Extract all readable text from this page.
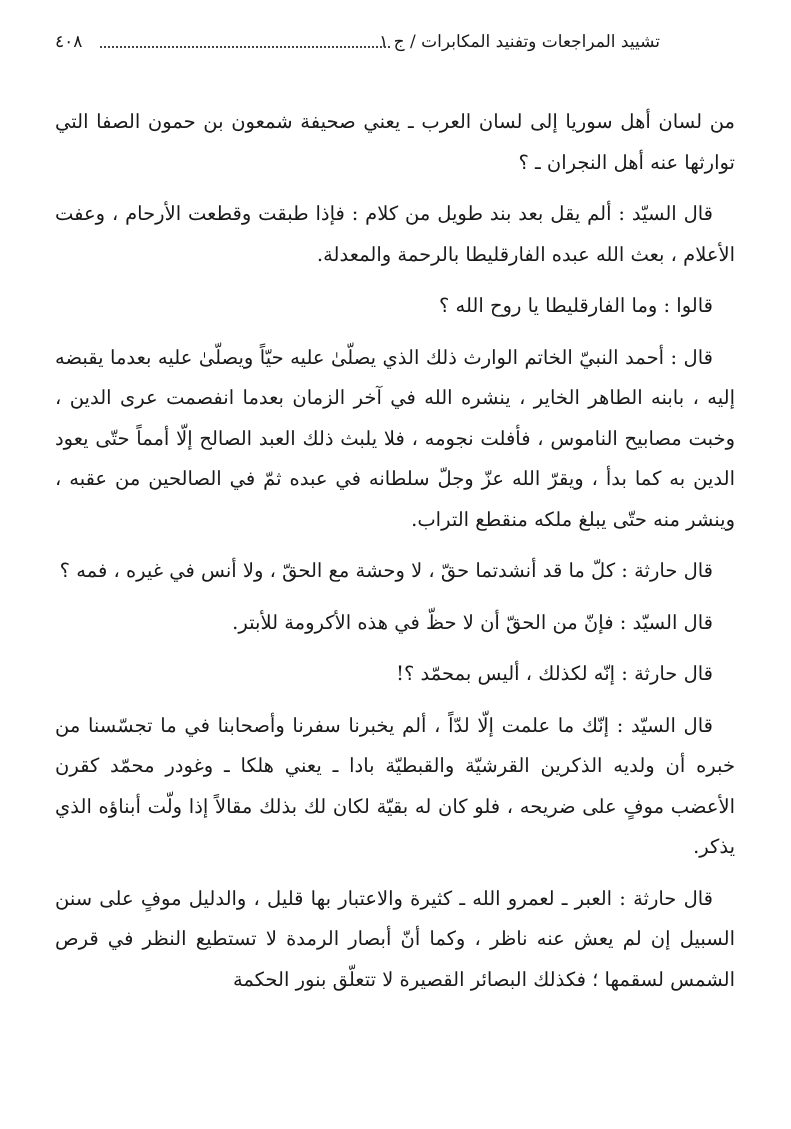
تشييد المراجعات وتفنيد المكابرات / ج ١
٤٠٨

من لسان أهل سوريا إلى لسان العرب ـ يعني صحيفة شمعون بن حمون الصفا التي توارثها عنه أهل النجران ـ ؟

قال السيّد : ألم يقل بعد بند طويل من كلام : فإذا طبقت وقطعت الأرحام ، وعفت الأعلام ، بعث الله عبده الفارقليطا بالرحمة والمعدلة.

قالوا : وما الفارقليطا يا روح الله ؟

قال : أحمد النبيّ الخاتم الوارث ذلك الذي يصلّىٰ عليه حيّاً ويصلّىٰ عليه بعدما يقبضه إليه ، بابنه الطاهر الخاير ، ينشره الله في آخر الزمان بعدما انفصمت عرى الدين ، وخبت مصابيح الناموس ، فأفلت نجومه ، فلا يلبث ذلك العبد الصالح إلّا أمماً حتّى يعود الدين به كما بدأ ، ويقرّ الله عزّ وجلّ سلطانه في عبده ثمّ في الصالحين من عقبه ، وينشر منه حتّى يبلغ ملكه منقطع التراب.

قال حارثة : كلّ ما قد أنشدتما حقّ ، لا وحشة مع الحقّ ، ولا أنس في غيره ، فمه ؟

قال السيّد : فإنّ من الحقّ أن لا حظّ في هذه الأكرومة للأبتر.

قال حارثة : إنّه لكذلك ، أليس بمحمّد ؟!

قال السيّد : إنّك ما علمت إلّا لدّاً ، ألم يخبرنا سفرنا وأصحابنا في ما تجسّسنا من خبره أن ولديه الذكرين القرشيّة والقبطيّة بادا ـ يعني هلكا ـ وغودر محمّد كقرن الأعضب موفٍ على ضريحه ، فلو كان له بقيّة لكان لك بذلك مقالاً إذا ولّت أبناؤه الذي يذكر.

قال حارثة : العبر ـ لعمرو الله ـ كثيرة والاعتبار بها قليل ، والدليل موفٍ على سنن السبيل إن لم يعش عنه ناظر ، وكما أنّ أبصار الرمدة لا تستطيع النظر في قرص الشمس لسقمها ؛ فكذلك البصائر القصيرة لا تتعلّق بنور الحكمة
